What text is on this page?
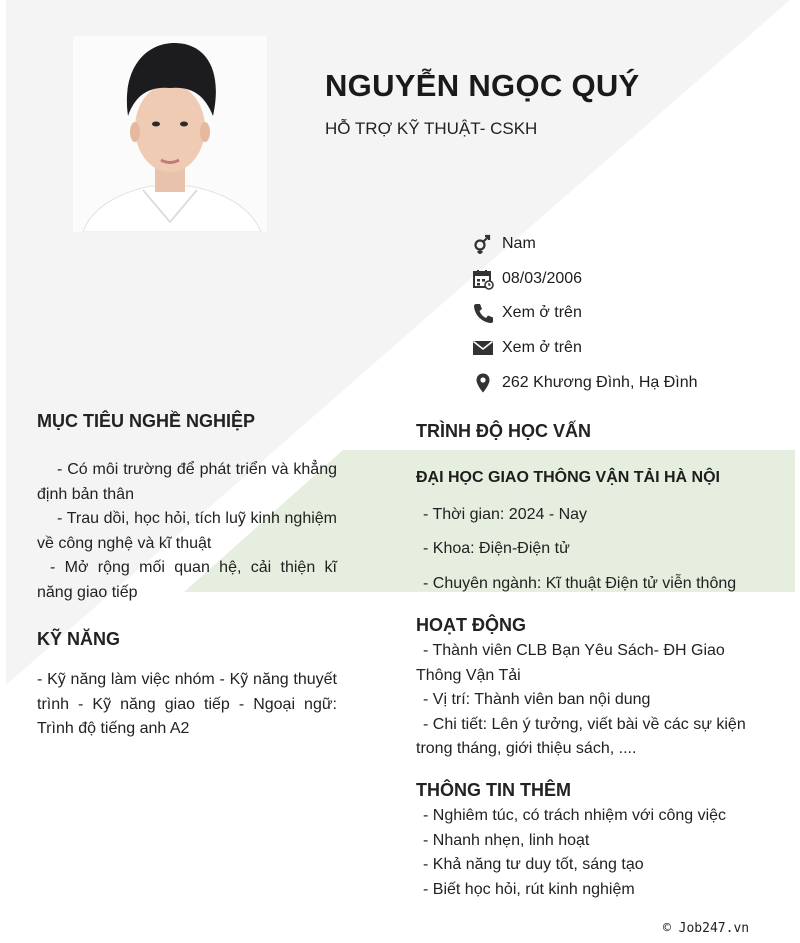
NGUYỄN NGỌC QUÝ
HỖ TRỢ KỸ THUẬT- CSKH
Nam
08/03/2006
Xem ở trên
Xem ở trên
262 Khương Đình, Hạ Đình
MỤC TIÊU NGHỀ NGHIỆP
- Có môi trường để phát triển và khẳng định bản thân
- Trau dồi, học hỏi, tích luỹ kinh nghiệm về công nghệ và kĩ thuật
- Mở rộng mối quan hệ, cải thiện kĩ năng giao tiếp
KỸ NĂNG
- Kỹ năng làm việc nhóm - Kỹ năng thuyết trình - Kỹ năng giao tiếp - Ngoại ngữ: Trình độ tiếng anh A2
TRÌNH ĐỘ HỌC VẤN
ĐẠI HỌC GIAO THÔNG VẬN TẢI HÀ NỘI
- Thời gian: 2024 - Nay
- Khoa: Điện-Điện tử
- Chuyên ngành: Kĩ thuật Điện tử viễn thông
HOẠT ĐỘNG
- Thành viên CLB Bạn Yêu Sách- ĐH Giao Thông Vận Tải
- Vị trí: Thành viên ban nội dung
- Chi tiết: Lên ý tưởng, viết bài về các sự kiện trong tháng, giới thiệu sách, ....
THÔNG TIN THÊM
- Nghiêm túc, có trách nhiệm với công việc
- Nhanh nhẹn, linh hoạt
- Khả năng tư duy tốt, sáng tạo
- Biết học hỏi, rút kinh nghiệm
© Job247.vn
